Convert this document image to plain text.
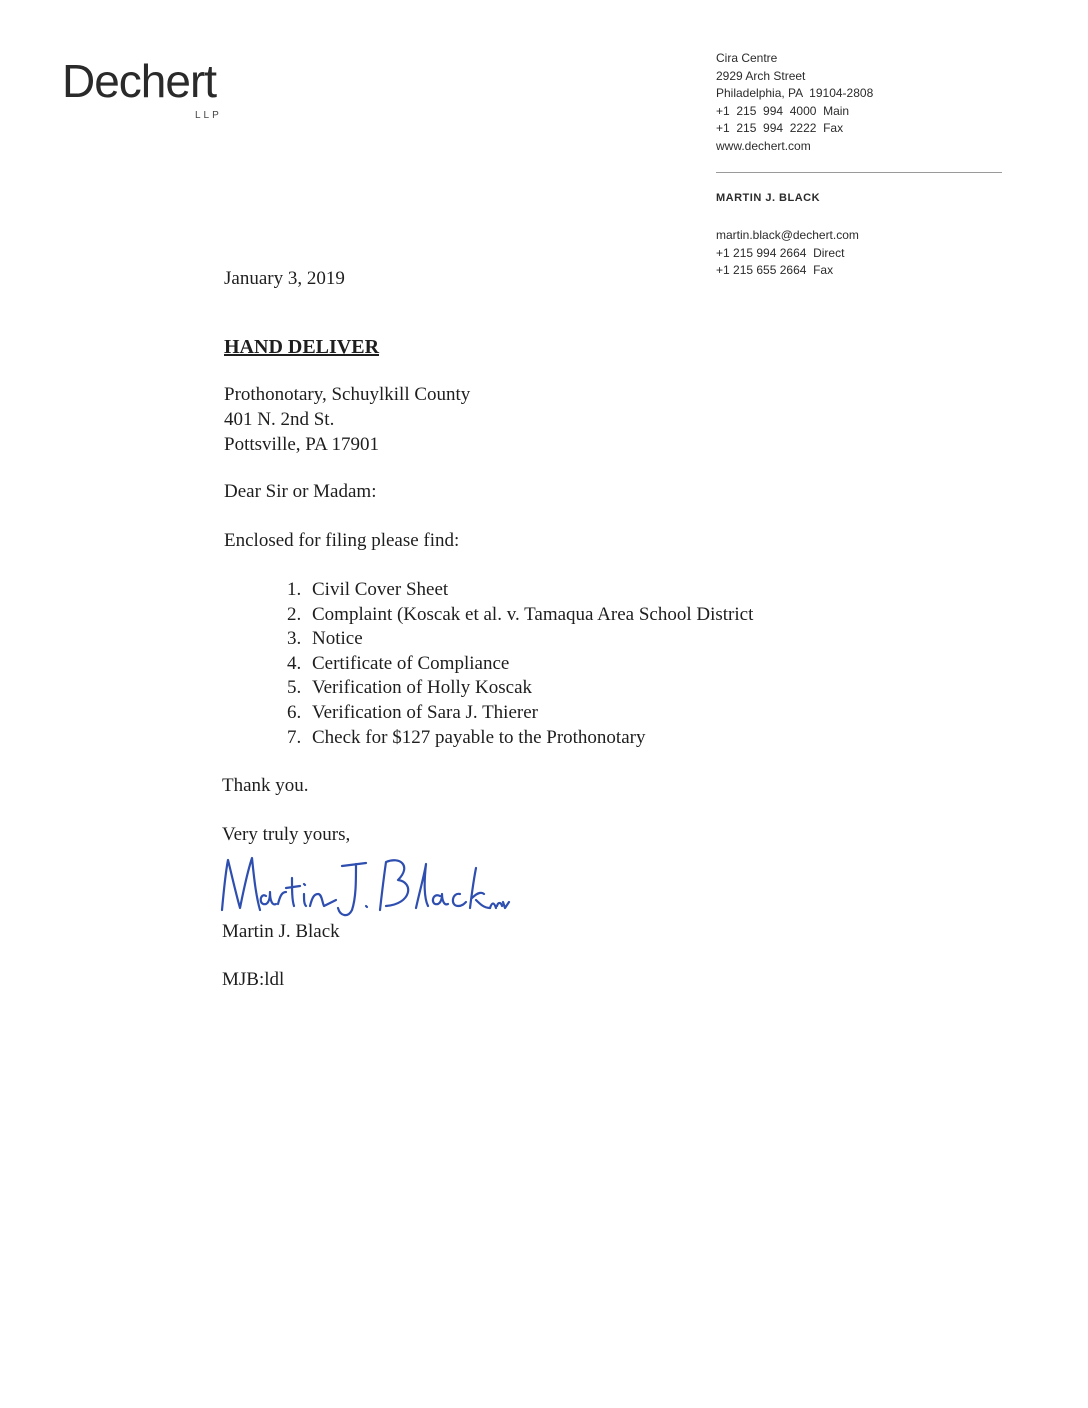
Dechert
LLP
Cira Centre
2929 Arch Street
Philadelphia, PA  19104-2808
+1  215  994  4000  Main
+1  215  994  2222  Fax
www.dechert.com
MARTIN J. BLACK
martin.black@dechert.com
+1 215 994 2664  Direct
+1 215 655 2664  Fax
January 3, 2019
HAND DELIVER
Prothonotary, Schuylkill County
401 N. 2nd St.
Pottsville, PA 17901
Dear Sir or Madam:
Enclosed for filing please find:
1. Civil Cover Sheet
2. Complaint (Koscak et al. v. Tamaqua Area School District
3. Notice
4. Certificate of Compliance
5. Verification of Holly Koscak
6. Verification of Sara J. Thierer
7. Check for $127 payable to the Prothonotary
Thank you.
Very truly yours,
Martin J. Black
MJB:ldl
